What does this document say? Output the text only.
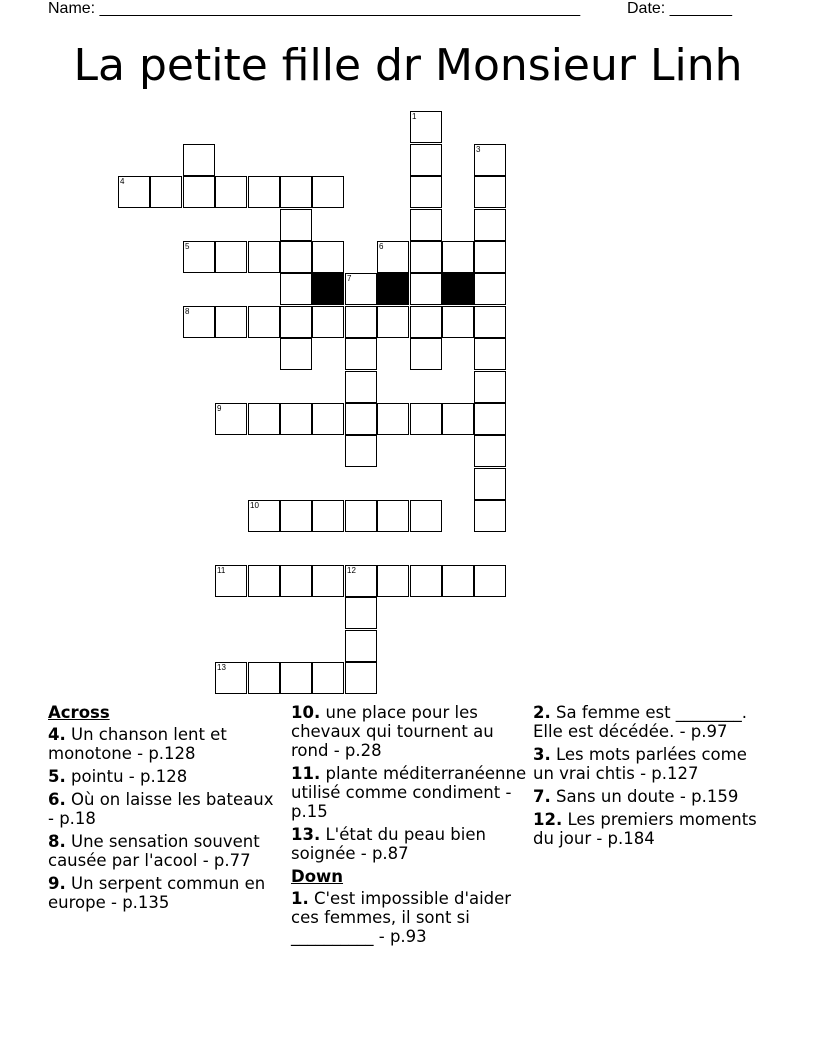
Name: ______________________________________________________	Date: _______
La petite fille dr Monsieur Linh
1
3
4
5	6
7
8
9
10
11	12
13
Across
4. Un chanson lent et monotone - p.128
5. pointu - p.128
6. Où on laisse les bateaux - p.18
8. Une sensation souvent causée par l'acool - p.77
9. Un serpent commun en europe - p.135
10. une place pour les chevaux qui tournent au rond - p.28
11. plante méditerranéenne utilisé comme condiment - p.15
13. L'état du peau bien soignée - p.87
Down
1. C'est impossible d'aider ces femmes, il sont si __________ - p.93
2. Sa femme est ________. Elle est décédée. - p.97
3. Les mots parlées come un vrai chtis - p.127
7. Sans un doute - p.159
12. Les premiers moments du jour - p.184
